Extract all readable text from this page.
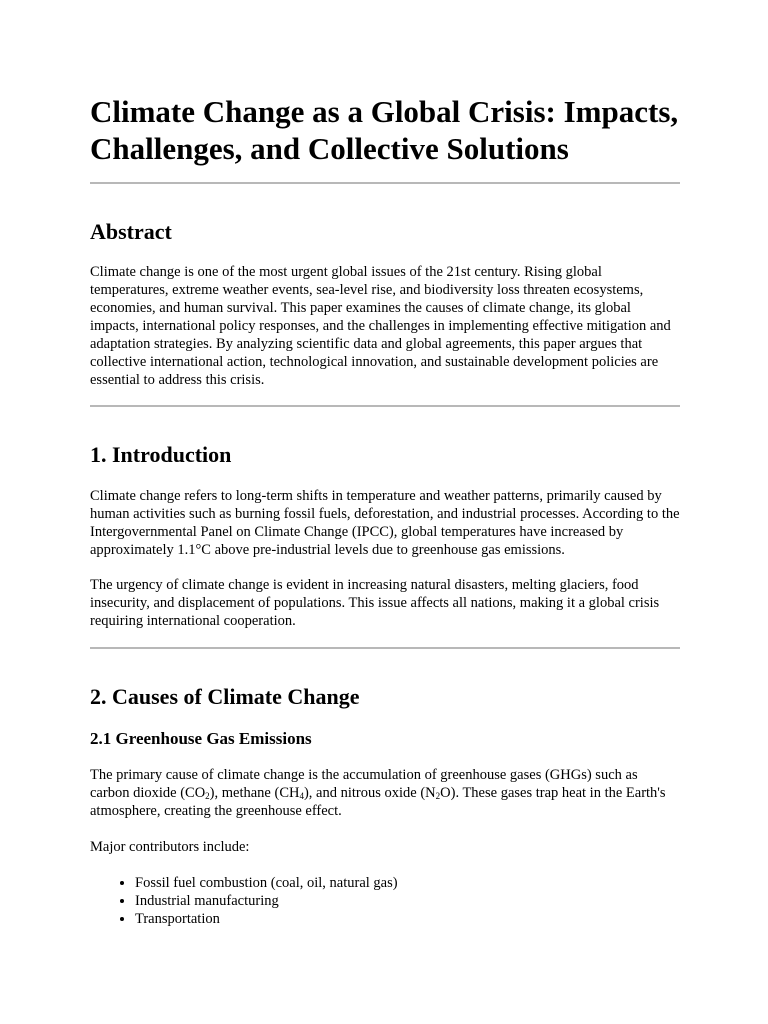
Climate Change as a Global Crisis: Impacts,
Challenges, and Collective Solutions
Abstract

Climate change is one of the most urgent global issues of the 21st century. Rising global temperatures, extreme weather events, sea-level rise, and biodiversity loss threaten ecosystems, economies, and human survival. This paper examines the causes of climate change, its global impacts, international policy responses, and the challenges in implementing effective mitigation and adaptation strategies. By analyzing scientific data and global agreements, this paper argues that collective international action, technological innovation, and sustainable development policies are essential to address this crisis.

1. Introduction

Climate change refers to long-term shifts in temperature and weather patterns, primarily caused by human activities such as burning fossil fuels, deforestation, and industrial processes. According to the Intergovernmental Panel on Climate Change (IPCC), global temperatures have increased by approximately 1.1°C above pre-industrial levels due to greenhouse gas emissions.

The urgency of climate change is evident in increasing natural disasters, melting glaciers, food insecurity, and displacement of populations. This issue affects all nations, making it a global crisis requiring international cooperation.

2. Causes of Climate Change
2.1 Greenhouse Gas Emissions

The primary cause of climate change is the accumulation of greenhouse gases (GHGs) such as carbon dioxide $(CO_2)$, methane $(CH_4)$, and nitrous oxide $(N_2O)$. These gases trap heat in the Earth's atmosphere, creating the greenhouse effect.

Major contributors include:

• Fossil fuel combustion (coal, oil, natural gas)
• Industrial manufacturing
• Transportation
